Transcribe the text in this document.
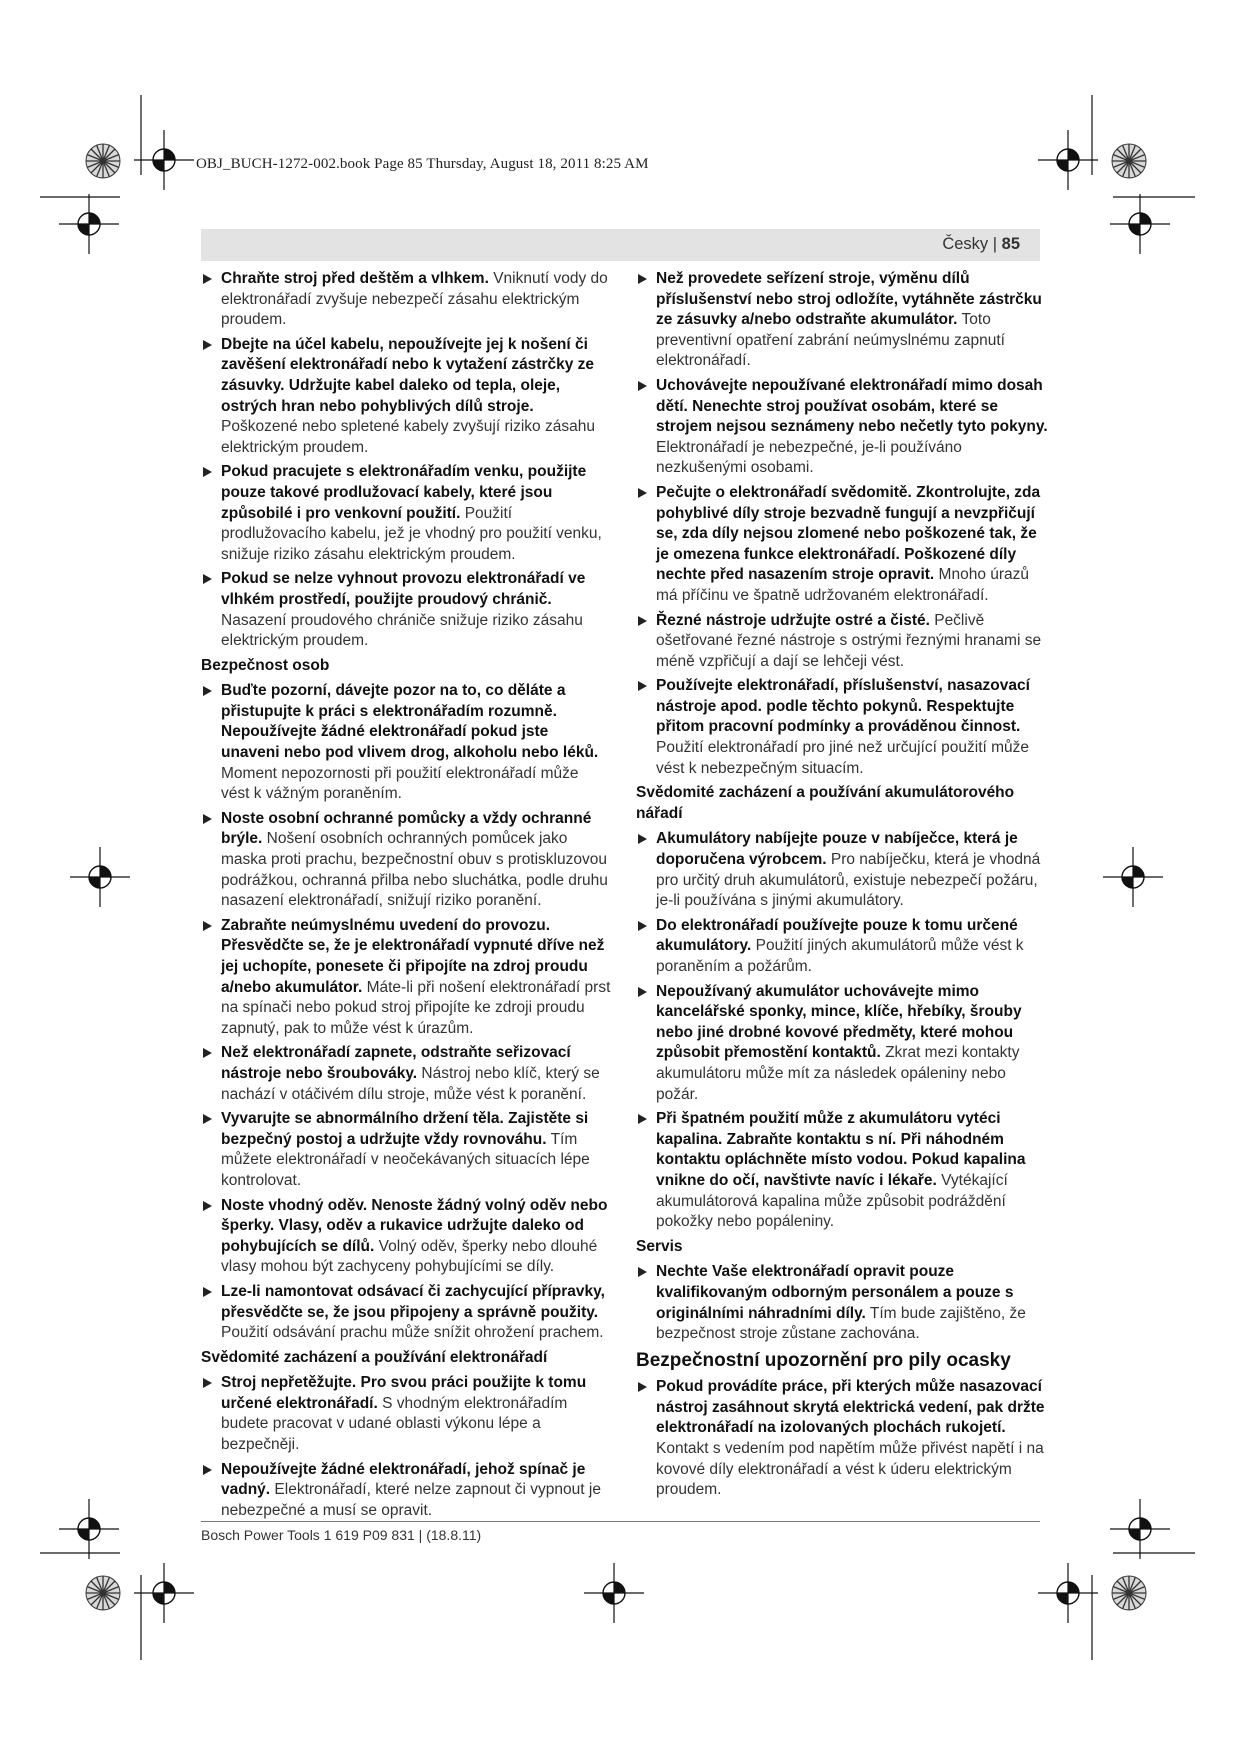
OBJ_BUCH-1272-002.book Page 85 Thursday, August 18, 2011 8:25 AM
Česky | 85
Chraňte stroj před deštěm a vlhkem. Vniknutí vody do elektronářadí zvyšuje nebezpečí zásahu elektrickým proudem.
Dbejte na účel kabelu, nepoužívejte jej k nošení či zavěšení elektronářadí nebo k vytažení zástrčky ze zásuvky. Udržujte kabel daleko od tepla, oleje, ostrých hran nebo pohyblivých dílů stroje. Poškozené nebo spletené kabely zvyšují riziko zásahu elektrickým proudem.
Pokud pracujete s elektronářadím venku, použijte pouze takové prodlužovací kabely, které jsou způsobilé i pro venkovní použití. Použití prodlužovacího kabelu, jež je vhodný pro použití venku, snižuje riziko zásahu elektrickým proudem.
Pokud se nelze vyhnout provozu elektronářadí ve vlhkém prostředí, použijte proudový chránič. Nasazení proudového chrániče snižuje riziko zásahu elektrickým proudem.
Bezpečnost osob
Buďte pozorní, dávejte pozor na to, co děláte a přistupujte k práci s elektronářadím rozumně. Nepoužívejte žádné elektronářadí pokud jste unaveni nebo pod vlivem drog, alkoholu nebo léků. Moment nepozornosti při použití elektronářadí může vést k vážným poraněním.
Noste osobní ochranné pomůcky a vždy ochranné brýle. Nošení osobních ochranných pomůcek jako maska proti prachu, bezpečnostní obuv s protiskluzovou podrážkou, ochranná přilba nebo sluchátka, podle druhu nasazení elektronářadí, snižují riziko poranění.
Zabraňte neúmyslnému uvedení do provozu. Přesvědčte se, že je elektronářadí vypnuté dříve než jej uchopíte, ponesete či připojíte na zdroj proudu a/nebo akumulátor. Máte-li při nošení elektronářadí prst na spínači nebo pokud stroj připojíte ke zdroji proudu zapnutý, pak to může vést k úrazům.
Než elektronářadí zapnete, odstraňte seřizovací nástroje nebo šroubováky. Nástroj nebo klíč, který se nachází v otáčivém dílu stroje, může vést k poranění.
Vyvarujte se abnormálního držení těla. Zajistěte si bezpečný postoj a udržujte vždy rovnováhu. Tím můžete elektronářadí v neočekávaných situacích lépe kontrolovat.
Noste vhodný oděv. Nenoste žádný volný oděv nebo šperky. Vlasy, oděv a rukavice udržujte daleko od pohybujících se dílů. Volný oděv, šperky nebo dlouhé vlasy mohou být zachyceny pohybujícími se díly.
Lze-li namontovat odsávací či zachycující přípravky, přesvědčte se, že jsou připojeny a správně použity. Použití odsávání prachu může snížit ohrožení prachem.
Svědomité zacházení a používání elektronářadí
Stroj nepřetěžujte. Pro svou práci použijte k tomu určené elektronářadí. S vhodným elektronářadím budete pracovat v udané oblasti výkonu lépe a bezpečněji.
Nepoužívejte žádné elektronářadí, jehož spínač je vadný. Elektronářadí, které nelze zapnout či vypnout je nebezpečné a musí se opravit.
Než provedete seřízení stroje, výměnu dílů příslušenství nebo stroj odložíte, vytáhněte zástrčku ze zásuvky a/nebo odstraňte akumulátor. Toto preventivní opatření zabrání neúmyslnému zapnutí elektronářadí.
Uchovávejte nepoužívané elektronářadí mimo dosah dětí. Nenechte stroj používat osobám, které se strojem nejsou seznámeny nebo nečetly tyto pokyny. Elektronářadí je nebezpečné, je-li používáno nezkušenými osobami.
Pečujte o elektronářadí svědomitě. Zkontrolujte, zda pohyblivé díly stroje bezvadně fungují a nevzpřičují se, zda díly nejsou zlomené nebo poškozené tak, že je omezena funkce elektronářadí. Poškozené díly nechte před nasazením stroje opravit. Mnoho úrazů má příčinu ve špatně udržovaném elektronářadí.
Řezné nástroje udržujte ostré a čisté. Pečlivě ošetřované řezné nástroje s ostrými řeznými hranami se méně vzpřičují a dají se lehčeji vést.
Používejte elektronářadí, příslušenství, nasazovací nástroje apod. podle těchto pokynů. Respektujte přitom pracovní podmínky a prováděnou činnost. Použití elektronářadí pro jiné než určující použití může vést k nebezpečným situacím.
Svědomité zacházení a používání akumulátorového nářadí
Akumulátory nabíjejte pouze v nabíječce, která je doporučena výrobcem. Pro nabíječku, která je vhodná pro určitý druh akumulátorů, existuje nebezpečí požáru, je-li používána s jinými akumulátory.
Do elektronářadí používejte pouze k tomu určené akumulátory. Použití jiných akumulátorů může vést k poraněním a požárům.
Nepoužívaný akumulátor uchovávejte mimo kancelářské sponky, mince, klíče, hřebíky, šrouby nebo jiné drobné kovové předměty, které mohou způsobit přemostění kontaktů. Zkrat mezi kontakty akumulátoru může mít za následek opáleniny nebo požár.
Při špatném použití může z akumulátoru vytéci kapalina. Zabraňte kontaktu s ní. Při náhodném kontaktu opláchněte místo vodou. Pokud kapalina vnikne do očí, navštivte navíc i lékaře. Vytékající akumulátorová kapalina může způsobit podráždění pokožky nebo popáleniny.
Servis
Nechte Vaše elektronářadí opravit pouze kvalifikovaným odborným personálem a pouze s originálními náhradními díly. Tím bude zajištěno, že bezpečnost stroje zůstane zachována.
Bezpečnostní upozornění pro pily ocasky
Pokud provádíte práce, při kterých může nasazovací nástroj zasáhnout skrytá elektrická vedení, pak držte elektronářadí na izolovaných plochách rukojetí. Kontakt s vedením pod napětím může přivést napětí i na kovové díly elektronářadí a vést k úderu elektrickým proudem.
Bosch Power Tools 1 619 P09 831 | (18.8.11)
